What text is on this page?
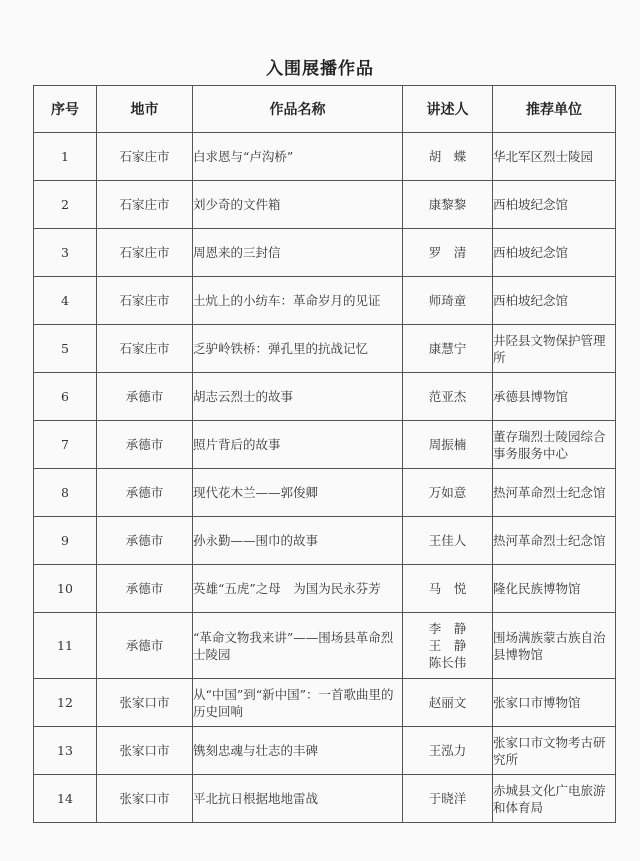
入围展播作品
序号	地市	作品名称	讲述人	推荐单位
1	石家庄市	白求恩与“卢沟桥”	胡　蝶	华北军区烈士陵园
2	石家庄市	刘少奇的文件箱	康黎黎	西柏坡纪念馆
3	石家庄市	周恩来的三封信	罗　清	西柏坡纪念馆
4	石家庄市	土炕上的小纺车：革命岁月的见证	师琦童	西柏坡纪念馆
5	石家庄市	乏驴岭铁桥：弹孔里的抗战记忆	康慧宁	井陉县文物保护管理所
6	承德市	胡志云烈士的故事	范亚杰	承德县博物馆
7	承德市	照片背后的故事	周振楠	董存瑞烈士陵园综合事务服务中心
8	承德市	现代花木兰——郭俊卿	万如意	热河革命烈士纪念馆
9	承德市	孙永勤——围巾的故事	王佳人	热河革命烈士纪念馆
10	承德市	英雄“五虎”之母　为国为民永芬芳	马　悦	隆化民族博物馆
11	承德市	“革命文物我来讲”——围场县革命烈士陵园	李　静
王　静
陈长伟	围场满族蒙古族自治县博物馆
12	张家口市	从“中国”到“新中国”：一首歌曲里的历史回响	赵丽文	张家口市博物馆
13	张家口市	镌刻忠魂与壮志的丰碑	王泓力	张家口市文物考古研究所
14	张家口市	平北抗日根据地地雷战	于晓洋	赤城县文化广电旅游和体育局
